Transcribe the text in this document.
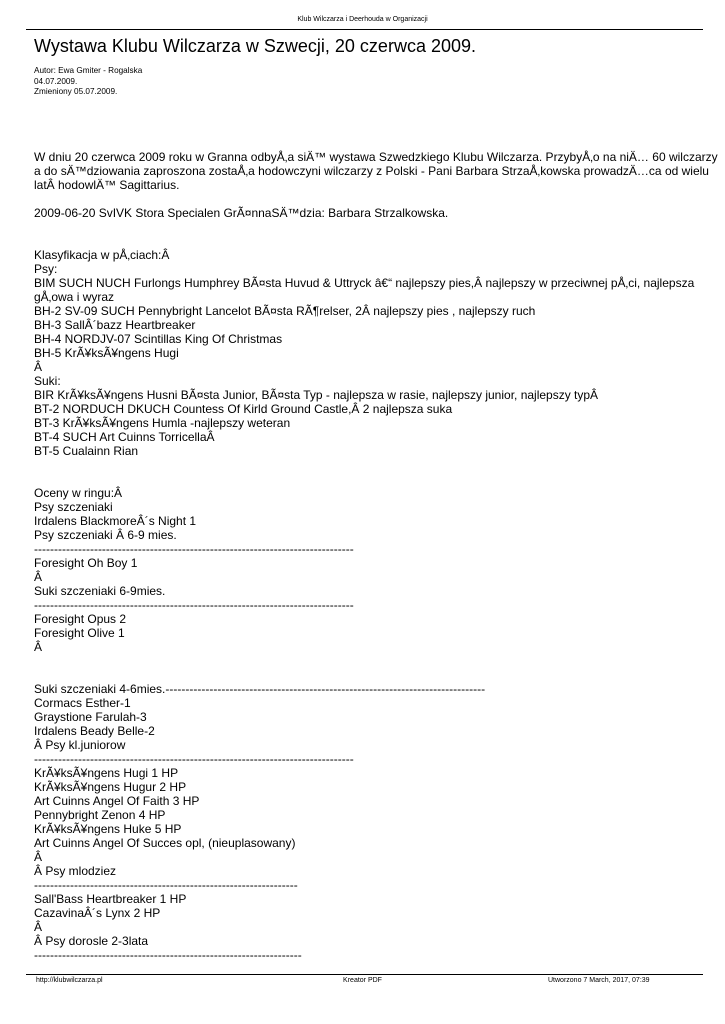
Klub Wilczarza i Deerhouda w Organizacji
Wystawa Klubu Wilczarza w Szwecji, 20 czerwca 2009.
Autor: Ewa Gmiter - Rogalska
04.07.2009.
Zmieniony 05.07.2009.
W dniu 20 czerwca 2009 roku w Granna odbyÅ‚a siÄ™ wystawa Szwedzkiego Klubu Wilczarza. PrzybyÅ‚o na niÄ… 60 wilczarzy
a do sÄ™dziowania zaproszona zostaÅ‚a hodowczyni wilczarzy z Polski - Pani Barbara StrzaÅ‚kowska prowadzÄ…ca od wielu
latÂ hodowlÄ™ Sagittarius.
2009-06-20 SvIVK Stora Specialen GrÃ¤nnaSÄ™dzia: Barbara Strzalkowska.
Klasyfikacja w pÅ‚ciach:Â
Psy:
BIM SUCH NUCH Furlongs Humphrey BÃ¤sta Huvud & Uttryck â€“ najlepszy pies,Â najlepszy w przeciwnej pÅ‚ci, najlepsza
gÅ‚owa i wyraz
BH-2 SV-09 SUCH Pennybright Lancelot BÃ¤sta RÃ¶relser, 2Â najlepszy pies , najlepszy ruch
BH-3 SallÂ´bazz Heartbreaker
BH-4 NORDJV-07 Scintillas King Of Christmas
BH-5 KrÃ¥ksÃ¥ngens Hugi
Â
Suki:
BIR KrÃ¥ksÃ¥ngens Husni BÃ¤sta Junior, BÃ¤sta Typ - najlepsza w rasie, najlepszy junior, najlepszy typÂ
BT-2 NORDUCH DKUCH Countess Of Kirld Ground Castle,Â 2 najlepsza suka
BT-3 KrÃ¥ksÃ¥ngens Humla -najlepszy weteran
BT-4 SUCH Art Cuinns TorricellaÂ
BT-5 Cualainn Rian
Oceny w ringu:Â
Psy szczeniaki
Irdalens BlackmoreÂ´s Night 1
Psy szczeniaki Â 6-9 mies.
--------------------------------------------------------------------------------
Foresight Oh Boy 1
Â
Suki szczeniaki 6-9mies.
--------------------------------------------------------------------------------
Foresight Opus 2
Foresight Olive 1
Â
Suki szczeniaki 4-6mies.--------------------------------------------------------------------------------
Cormacs Esther-1
Graystione Farulah-3
Irdalens Beady Belle-2
Â Psy kl.juniorow
--------------------------------------------------------------------------------
KrÃ¥ksÃ¥ngens Hugi 1 HP
KrÃ¥ksÃ¥ngens Hugur 2 HP
Art Cuinns Angel Of Faith 3 HP
Pennybright Zenon 4 HP
KrÃ¥ksÃ¥ngens Huke 5 HP
Art Cuinns Angel Of Succes opl, (nieuplasowany)
Â
Â Psy mlodziez
------------------------------------------------------------------
Sall'Bass Heartbreaker 1 HP
CazavinaÂ´s Lynx 2 HP
Â
Â Psy dorosle 2-3lata
-------------------------------------------------------------------
http://klubwilczarza.pl	Kreator PDF	Utworzono 7 March, 2017, 07:39
